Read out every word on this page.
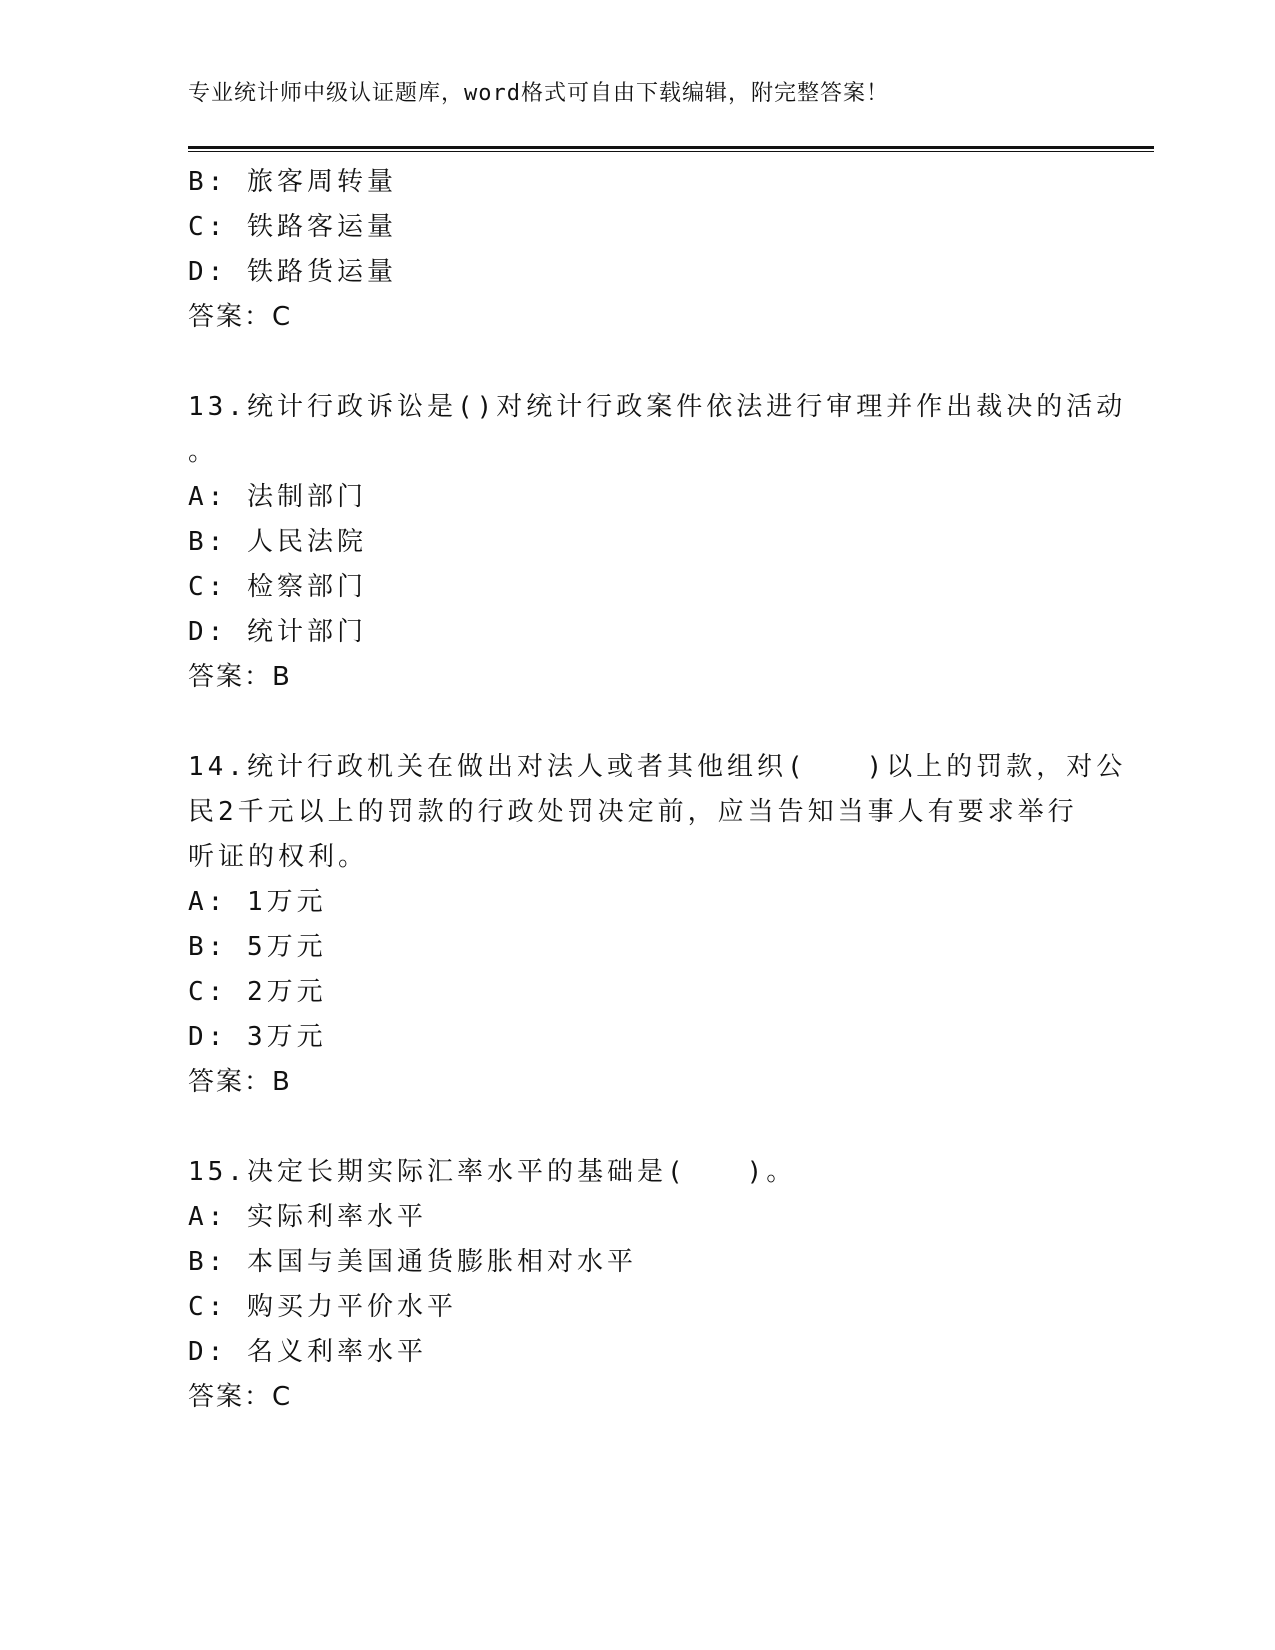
专业统计师中级认证题库，word格式可自由下载编辑，附完整答案！
B: 旅客周转量
C: 铁路客运量
D: 铁路货运量
答案：C
13.统计行政诉讼是()对统计行政案件依法进行审理并作出裁决的活动
。
A: 法制部门
B: 人民法院
C: 检察部门
D: 统计部门
答案：B
14.统计行政机关在做出对法人或者其他组织(　　)以上的罚款，对公
民2千元以上的罚款的行政处罚决定前，应当告知当事人有要求举行
听证的权利。
A: 1万元
B: 5万元
C: 2万元
D: 3万元
答案：B
15.决定长期实际汇率水平的基础是(　　)。
A: 实际利率水平
B: 本国与美国通货膨胀相对水平
C: 购买力平价水平
D: 名义利率水平
答案：C
